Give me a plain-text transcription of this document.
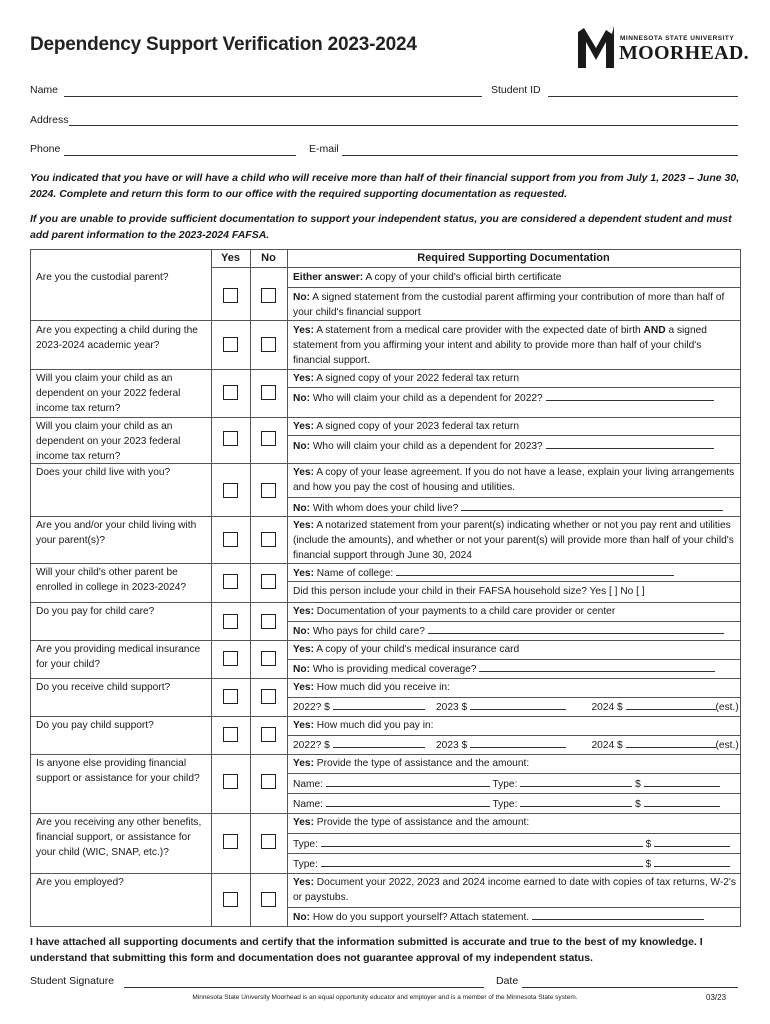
Dependency Support Verification 2023-2024	MINNESOTA STATE UNIVERSITY
MOORHEAD.
Name	Student ID
Address
Phone	E-mail
You indicated that you have or will have a child who will receive more than half of their financial support from you from July 1, 2023 – June 30, 2024. Complete and return this form to our office with the required supporting documentation as requested.
If you are unable to provide sufficient documentation to support your independent status, you are considered a dependent student and must add parent information to the 2023-2024 FAFSA.
Yes	No	Required Supporting Documentation
Are you the custodial parent?	Either answer: A copy of your child's official birth certificate
No: A signed statement from the custodial parent affirming your contribution of more than half of your child's financial support
Are you expecting a child during the 2023-2024 academic year?
Yes: A statement from a medical care provider with the expected date of birth AND a signed statement from you affirming your intent and ability to provide more than half of your child's financial support.
Will you claim your child as an dependent on your 2022 federal income tax return?
Yes: A signed copy of your 2022 federal tax return
No: Who will claim your child as a dependent for 2022?
Will you claim your child as an dependent on your 2023 federal income tax return?
Yes: A signed copy of your 2023 federal tax return
No: Who will claim your child as a dependent for 2023?
Does your child live with you?	Yes: A copy of your lease agreement. If you do not have a lease, explain your living arrangements and how you pay the cost of housing and utilities.
No: With whom does your child live?
Are you and/or your child living with your parent(s)?
Yes: A notarized statement from your parent(s) indicating whether or not you pay rent and utilities (include the amounts), and whether or not your parent(s) will provide more than half of your child's financial support through June 30, 2024
Will your child's other parent be enrolled in college in 2023-2024?
Yes: Name of college:
Did this person include your child in their FAFSA household size? Yes [ ] No [ ]
Do you pay for child care?	Yes: Documentation of your payments to a child care provider or center
No: Who pays for child care?
Are you providing medical insurance for your child?
Yes: A copy of your child's medical insurance card
No: Who is providing medical coverage?
Do you receive child support?	Yes: How much did you receive in:
2022? $	2023 $	2024 $	(est.)
Do you pay child support?	Yes: How much did you pay in:
2022? $	2023 $	2024 $	(est.)
Is anyone else providing financial support or assistance for your child?
Yes: Provide the type of assistance and the amount:
Name:	Type:	$
Name:	Type:	$
Are you receiving any other benefits, financial support, or assistance for your child (WIC, SNAP, etc.)?
Yes: Provide the type of assistance and the amount:
Type:	$
Type:	$
Are you employed?	Yes: Document your 2022, 2023 and 2024 income earned to date with copies of tax returns, W-2's or paystubs.
No: How do you support yourself? Attach statement.
I have attached all supporting documents and certify that the information submitted is accurate and true to the best of my knowledge. I understand that submitting this form and documentation does not guarantee approval of my independent status.
Student Signature	Date
Minnesota State University Moorhead is an equal opportunity educator and employer and is a member of the Minnesota State system.	03/23
